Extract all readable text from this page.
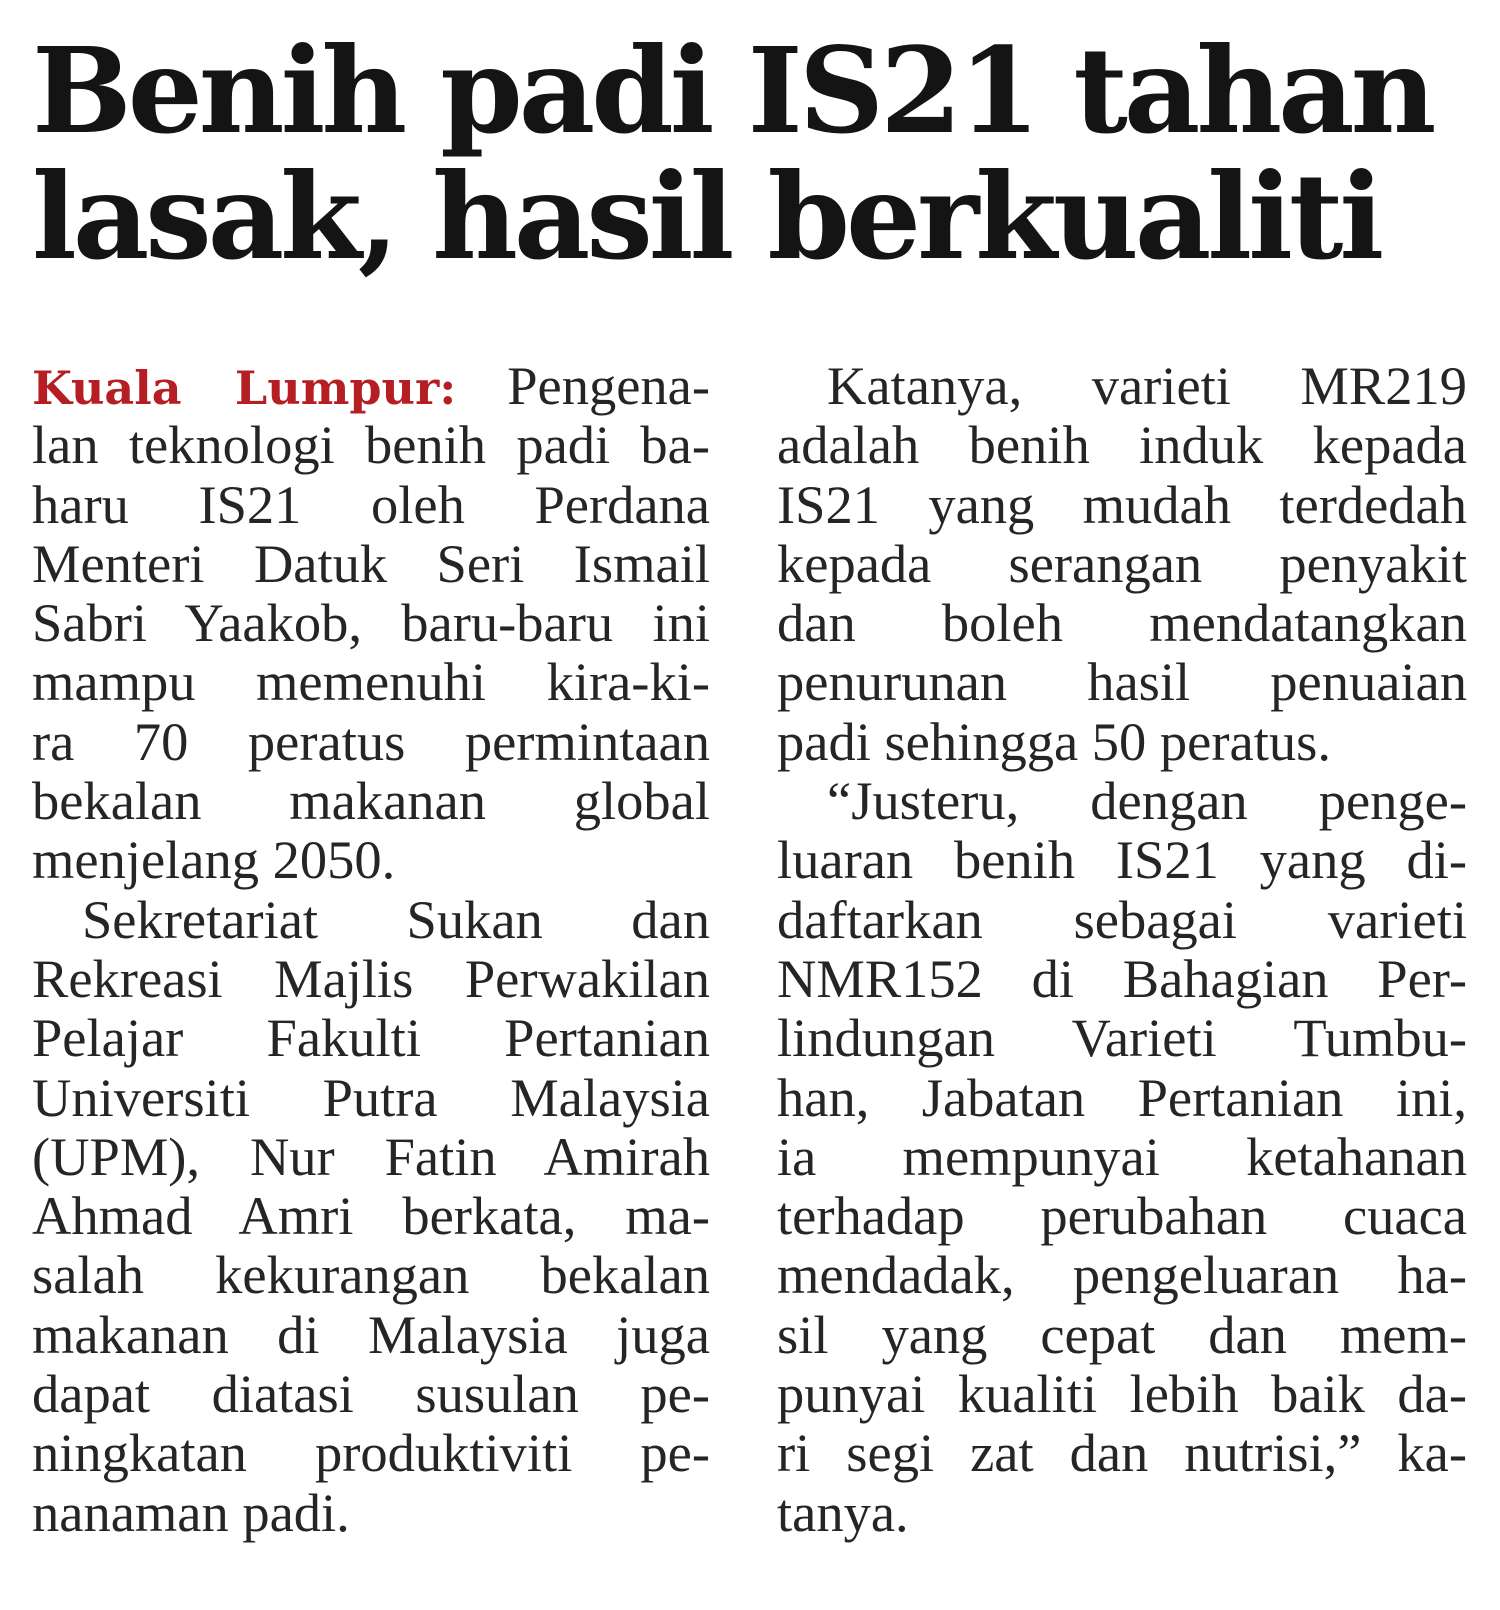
Benih padi IS21 tahan
lasak, hasil berkualiti
Kuala Lumpur: Pengena-
lan teknologi benih padi ba-
haru IS21 oleh Perdana
Menteri Datuk Seri Ismail
Sabri Yaakob, baru-baru ini
mampu memenuhi kira-ki-
ra 70 peratus permintaan
bekalan makanan global
menjelang 2050.
Sekretariat Sukan dan
Rekreasi Majlis Perwakilan
Pelajar Fakulti Pertanian
Universiti Putra Malaysia
(UPM), Nur Fatin Amirah
Ahmad Amri berkata, ma-
salah kekurangan bekalan
makanan di Malaysia juga
dapat diatasi susulan pe-
ningkatan produktiviti pe-
nanaman padi.
Katanya, varieti MR219
adalah benih induk kepada
IS21 yang mudah terdedah
kepada serangan penyakit
dan boleh mendatangkan
penurunan hasil penuaian
padi sehingga 50 peratus.
“Justeru, dengan penge-
luaran benih IS21 yang di-
daftarkan sebagai varieti
NMR152 di Bahagian Per-
lindungan Varieti Tumbu-
han, Jabatan Pertanian ini,
ia mempunyai ketahanan
terhadap perubahan cuaca
mendadak, pengeluaran ha-
sil yang cepat dan mem-
punyai kualiti lebih baik da-
ri segi zat dan nutrisi,” ka-
tanya.
